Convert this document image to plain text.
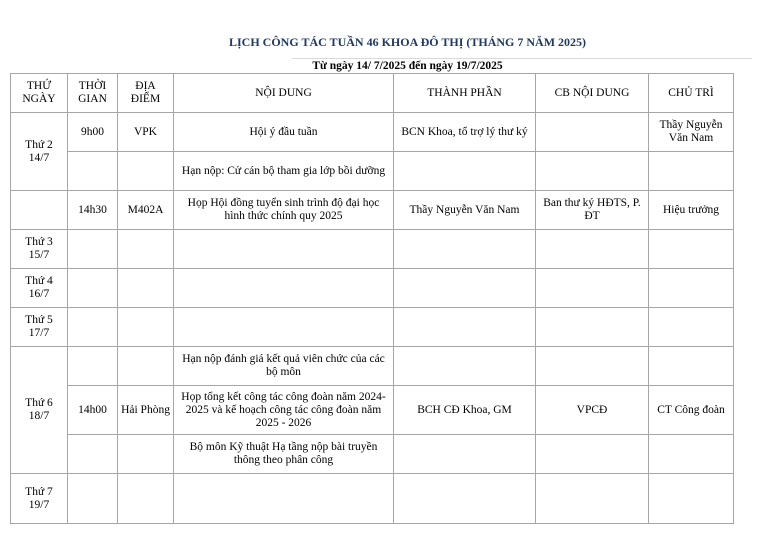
LỊCH CÔNG TÁC TUẦN 46 KHOA ĐÔ THỊ (THÁNG 7 NĂM 2025)
Từ ngày 14/ 7/2025 đến ngày 19/7/2025
THỨ NGÀY	THỜI GIAN	ĐỊA ĐIỂM	NỘI DUNG	THÀNH PHẦN	CB NỘI DUNG	CHỦ TRÌ
Thứ 2 14/7	9h00	VPK	Hội ý đầu tuần	BCN Khoa, tổ trợ lý thư ký		Thầy Nguyễn Văn Nam
			Hạn nộp: Cử cán bộ tham gia lớp bồi dưỡng			
	14h30	M402A	Họp Hội đồng tuyển sinh trình độ đại học hình thức chính quy 2025	Thầy Nguyễn Văn Nam	Ban thư ký HĐTS, P. ĐT	Hiệu trưởng
Thứ 3 15/7						
Thứ 4 16/7						
Thứ 5 17/7						
Thứ 6 18/7			Hạn nộp đánh giá kết quả viên chức của các bộ môn			
	14h00	Hải Phòng	Họp tổng kết công tác công đoàn năm 2024- 2025 và kế hoạch công tác công đoàn năm 2025 - 2026	BCH CĐ Khoa, GM	VPCĐ	CT Công đoàn
			Bộ môn Kỹ thuật Hạ tầng nộp bài truyền thông theo phân công			
Thứ 7 19/7						
